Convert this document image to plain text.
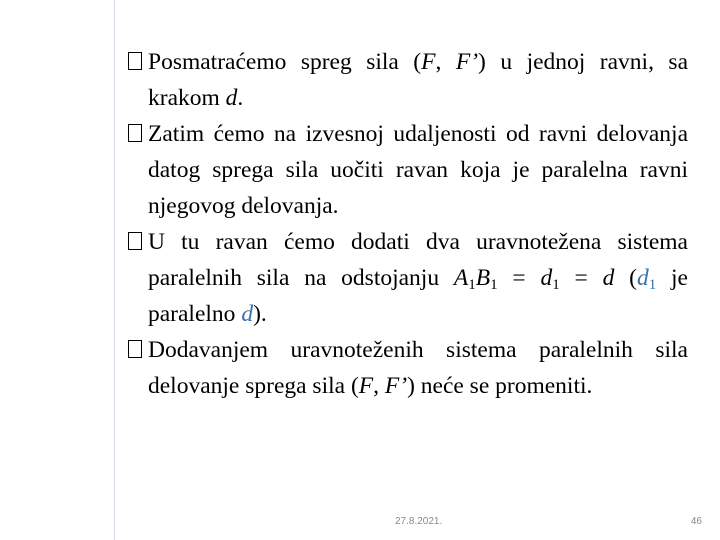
Posmatraćemo spreg sila (F, F’) u jednoj ravni, sa krakom d.

Zatim ćemo na izvesnoj udaljenosti od ravni delovanja datog sprega sila uočiti ravan koja je paralelna ravni njegovog delovanja.

U tu ravan ćemo dodati dva uravnotežena sistema paralelnih sila na odstojanju $A_1B_1 = d_1 = d$ ($d_1$ je paralelno d).

Dodavanjem uravnoteženih sistema paralelnih sila delovanje sprega sila (F, F’) neće se promeniti.

27.8.2021.	46
